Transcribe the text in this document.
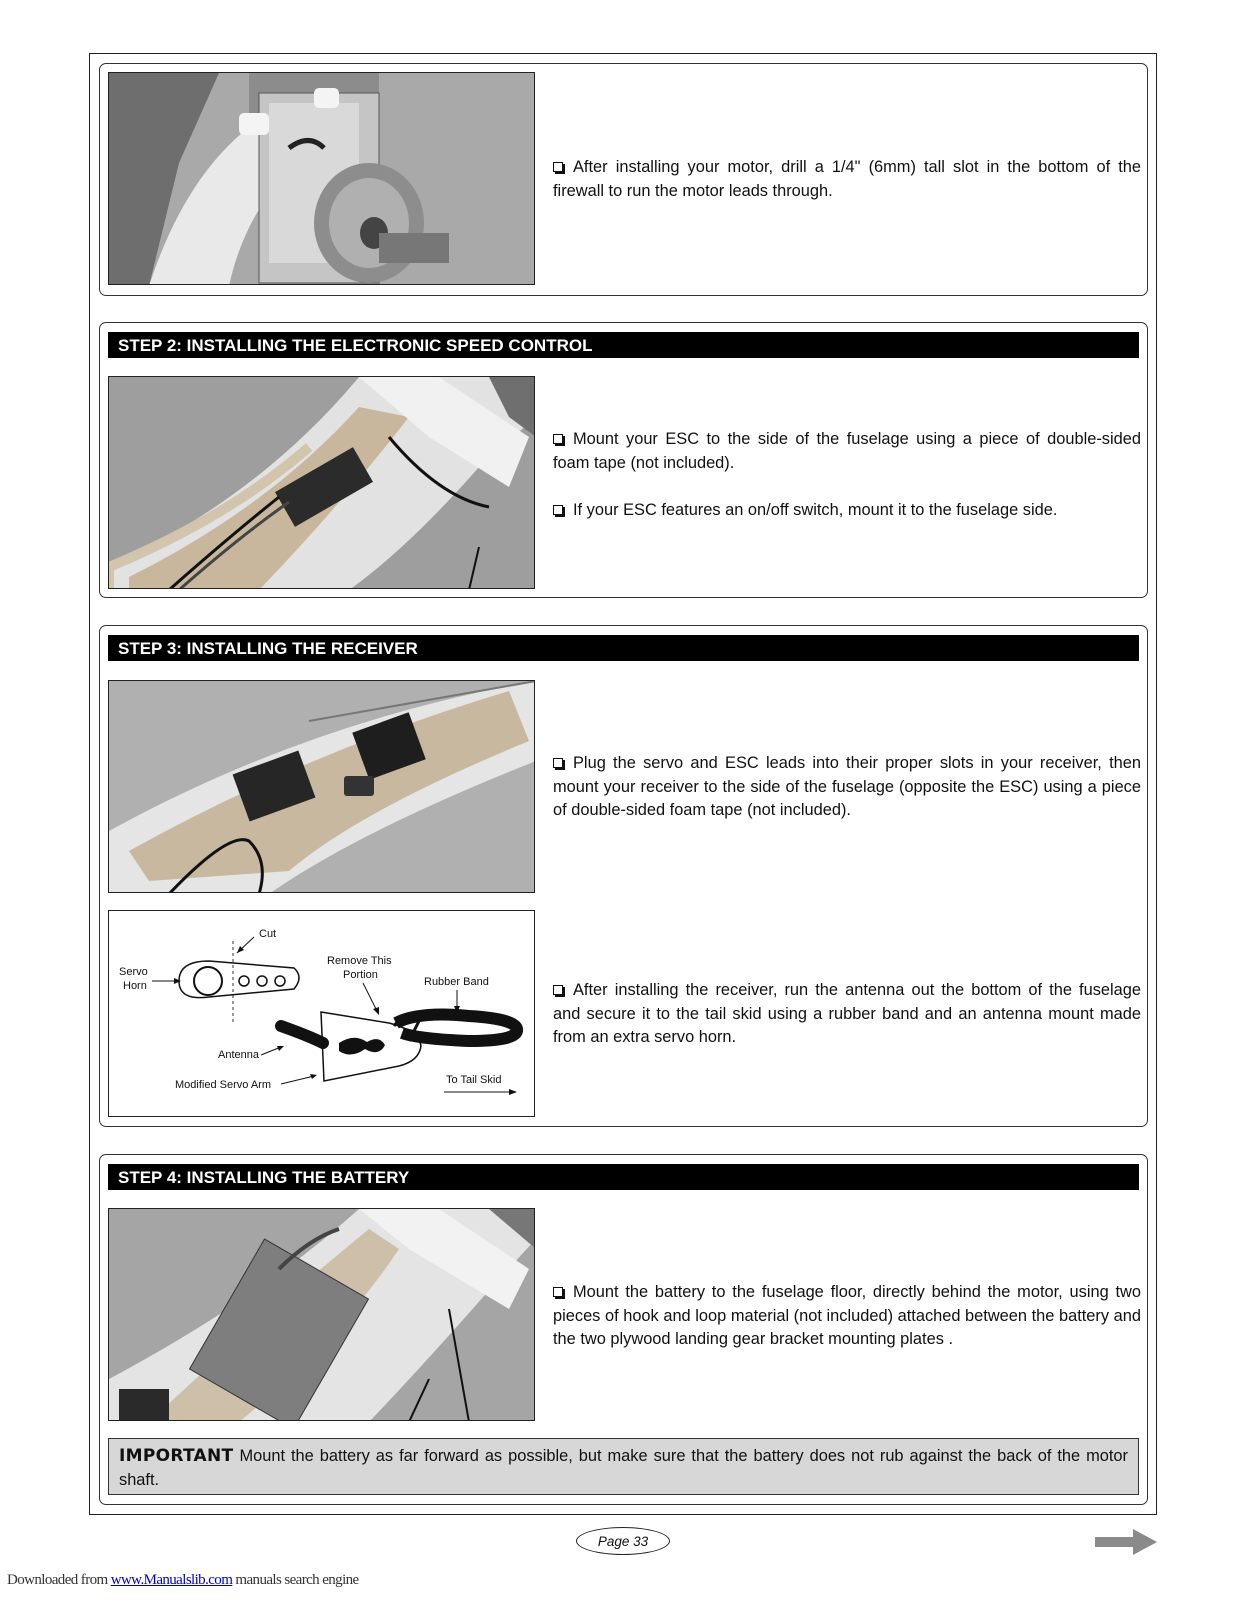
After installing your motor, drill a 1/4" (6mm) tall slot in the bottom of the firewall to run the motor leads through.

STEP 2: INSTALLING THE ELECTRONIC SPEED CONTROL

Mount your ESC to the side of the fuselage using a piece of double-sided foam tape (not included).

If your ESC features an on/off switch, mount it to the fuselage side.

STEP 3: INSTALLING THE RECEIVER

Plug the servo and ESC leads into their proper slots in your receiver, then mount your receiver to the side of the fuselage (opposite the ESC) using a piece of double-sided foam tape (not included).

Cut
Servo
Horn
Remove This
Portion
Rubber Band
Antenna
Modified Servo Arm	To Tail Skid

After installing the receiver, run the antenna out the bottom of the fuselage and secure it to the tail skid using a rubber band and an antenna mount made from an extra servo horn.

STEP 4: INSTALLING THE BATTERY

Mount the battery to the fuselage floor, directly behind the motor, using two pieces of hook and loop material (not included) attached between the battery and the two plywood landing gear bracket mounting plates .

IMPORTANT Mount the battery as far forward as possible, but make sure that the battery does not rub against the back of the motor shaft.
Downloaded from www.Manualslib.com manuals search engine
Page 33
